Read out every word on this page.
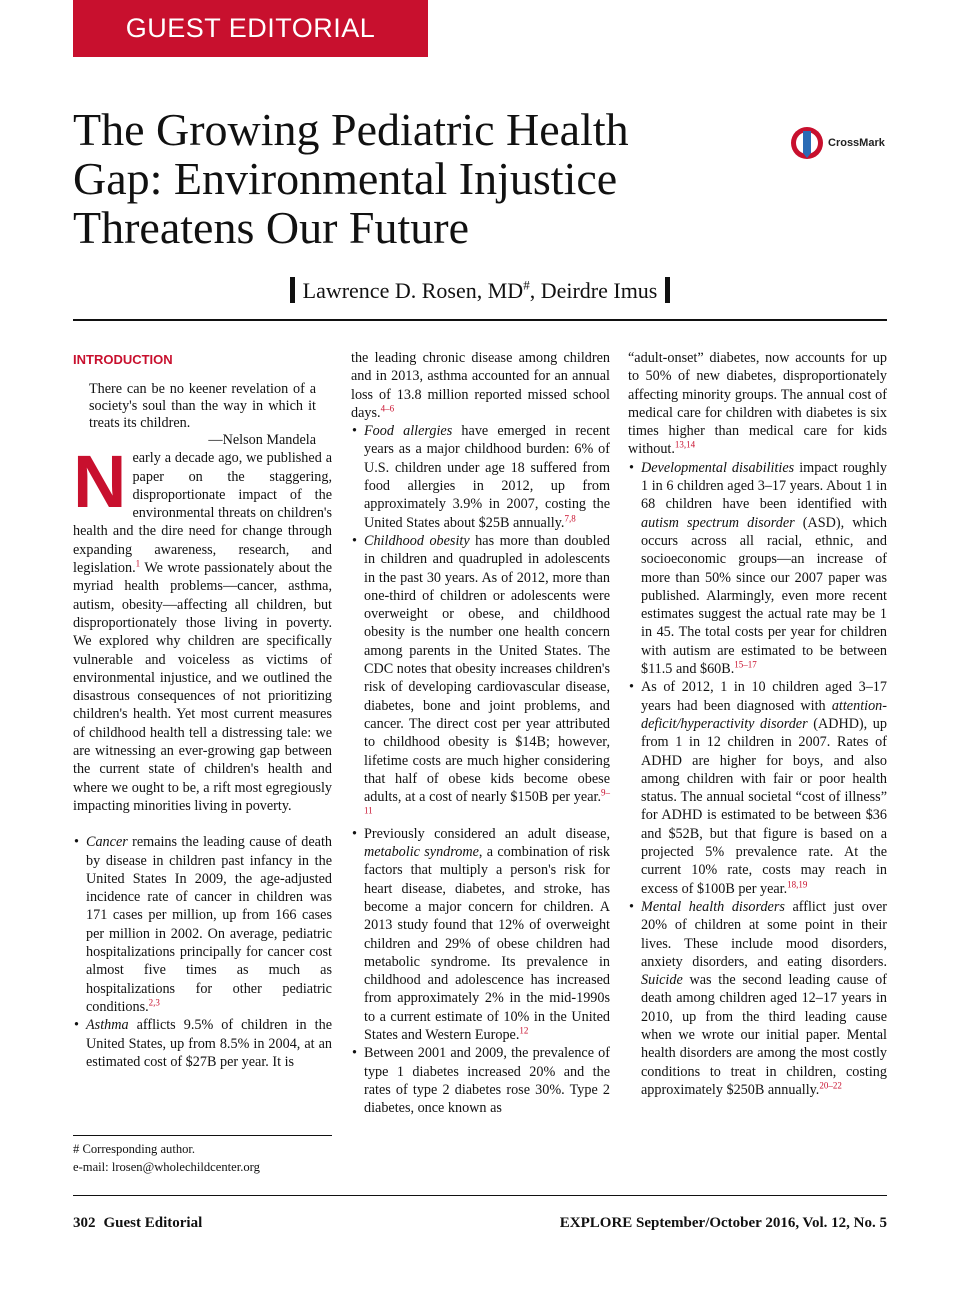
GUEST EDITORIAL
The Growing Pediatric Health Gap: Environmental Injustice Threatens Our Future
CrossMark
Lawrence D. Rosen, MD#, Deirdre Imus
INTRODUCTION

There can be no keener revelation of a society's soul than the way in which it treats its children.

—Nelson Mandela

Nearly a decade ago, we published a paper on the staggering, disproportionate impact of the environmental threats on children's health and the dire need for change through expanding awareness, research, and legislation.$^1$ We wrote passionately about the myriad health problems—cancer, asthma, autism, obesity—affecting all children, but disproportionately those living in poverty. We explored why children are specifically vulnerable and voiceless as victims of environmental injustice, and we outlined the disastrous consequences of not prioritizing children's health. Yet most current measures of childhood health tell a distressing tale: we are witnessing an ever-growing gap between the current state of children's health and where we ought to be, a rift most egregiously impacting minorities living in poverty.

• Cancer remains the leading cause of death by disease in children past infancy in the United States In 2009, the age-adjusted incidence rate of cancer in children was 171 cases per million, up from 166 cases per million in 2002. On average, pediatric hospitalizations principally for cancer cost almost five times as much as hospitalizations for other pediatric conditions.$^{2,3}$
• Asthma afflicts 9.5% of children in the United States, up from 8.5% in 2004, at an estimated cost of $27B per year. It is
# Corresponding author.
e-mail: lrosen@wholechildcenter.org

the leading chronic disease among children and in 2013, asthma accounted for an annual loss of 13.8 million reported missed school days.$^{4-6}$

• Food allergies have emerged in recent years as a major childhood burden: 6% of U.S. children under age 18 suffered from food allergies in 2012, up from approximately 3.9% in 2007, costing the United States about $25B annually.$^{7,8}$
• Childhood obesity has more than doubled in children and quadrupled in adolescents in the past 30 years. As of 2012, more than one-third of children or adolescents were overweight or obese, and childhood obesity is the number one health concern among parents in the United States. The CDC notes that obesity increases children's risk of developing cardiovascular disease, diabetes, bone and joint problems, and cancer. The direct cost per year attributed to childhood obesity is $14B; however, lifetime costs are much higher considering that half of obese kids become obese adults, at a cost of nearly $150B per year.$^{9-11}$
• Previously considered an adult disease, metabolic syndrome, a combination of risk factors that multiply a person's risk for heart disease, diabetes, and stroke, has become a major concern for children. A 2013 study found that 12% of overweight children and 29% of obese children had metabolic syndrome. Its prevalence in childhood and adolescence has increased from approximately 2% in the mid-1990s to a current estimate of 10% in the United States and Western Europe.$^{12}$
• Between 2001 and 2009, the prevalence of type 1 diabetes increased 20% and the rates of type 2 diabetes rose 30%. Type 2 diabetes, once known as

“adult-onset” diabetes, now accounts for up to 50% of new diabetes, disproportionately affecting minority groups. The annual cost of medical care for children with diabetes is six times higher than medical care for kids without.$^{13,14}$

• Developmental disabilities impact roughly 1 in 6 children aged 3–17 years. About 1 in 68 children have been identified with autism spectrum disorder (ASD), which occurs across all racial, ethnic, and socioeconomic groups—an increase of more than 50% since our 2007 paper was published. Alarmingly, even more recent estimates suggest the actual rate may be 1 in 45. The total costs per year for children with autism are estimated to be between $11.5 and $60B.$^{15-17}$
• As of 2012, 1 in 10 children aged 3–17 years had been diagnosed with attention-deficit/hyperactivity disorder (ADHD), up from 1 in 12 children in 2007. Rates of ADHD are higher for boys, and also among children with fair or poor health status. The annual societal “cost of illness” for ADHD is estimated to be between $36 and $52B, but that figure is based on a projected 5% prevalence rate. At the current 10% rate, costs may reach in excess of $100B per year.$^{18,19}$
• Mental health disorders afflict just over 20% of children at some point in their lives. These include mood disorders, anxiety disorders, and eating disorders. Suicide was the second leading cause of death among children aged 12–17 years in 2010, up from the third leading cause when we wrote our initial paper. Mental health disorders are among the most costly conditions to treat in children, costing approximately $250B annually.$^{20-22}$
302 Guest Editorial	EXPLORE September/October 2016, Vol. 12, No. 5
